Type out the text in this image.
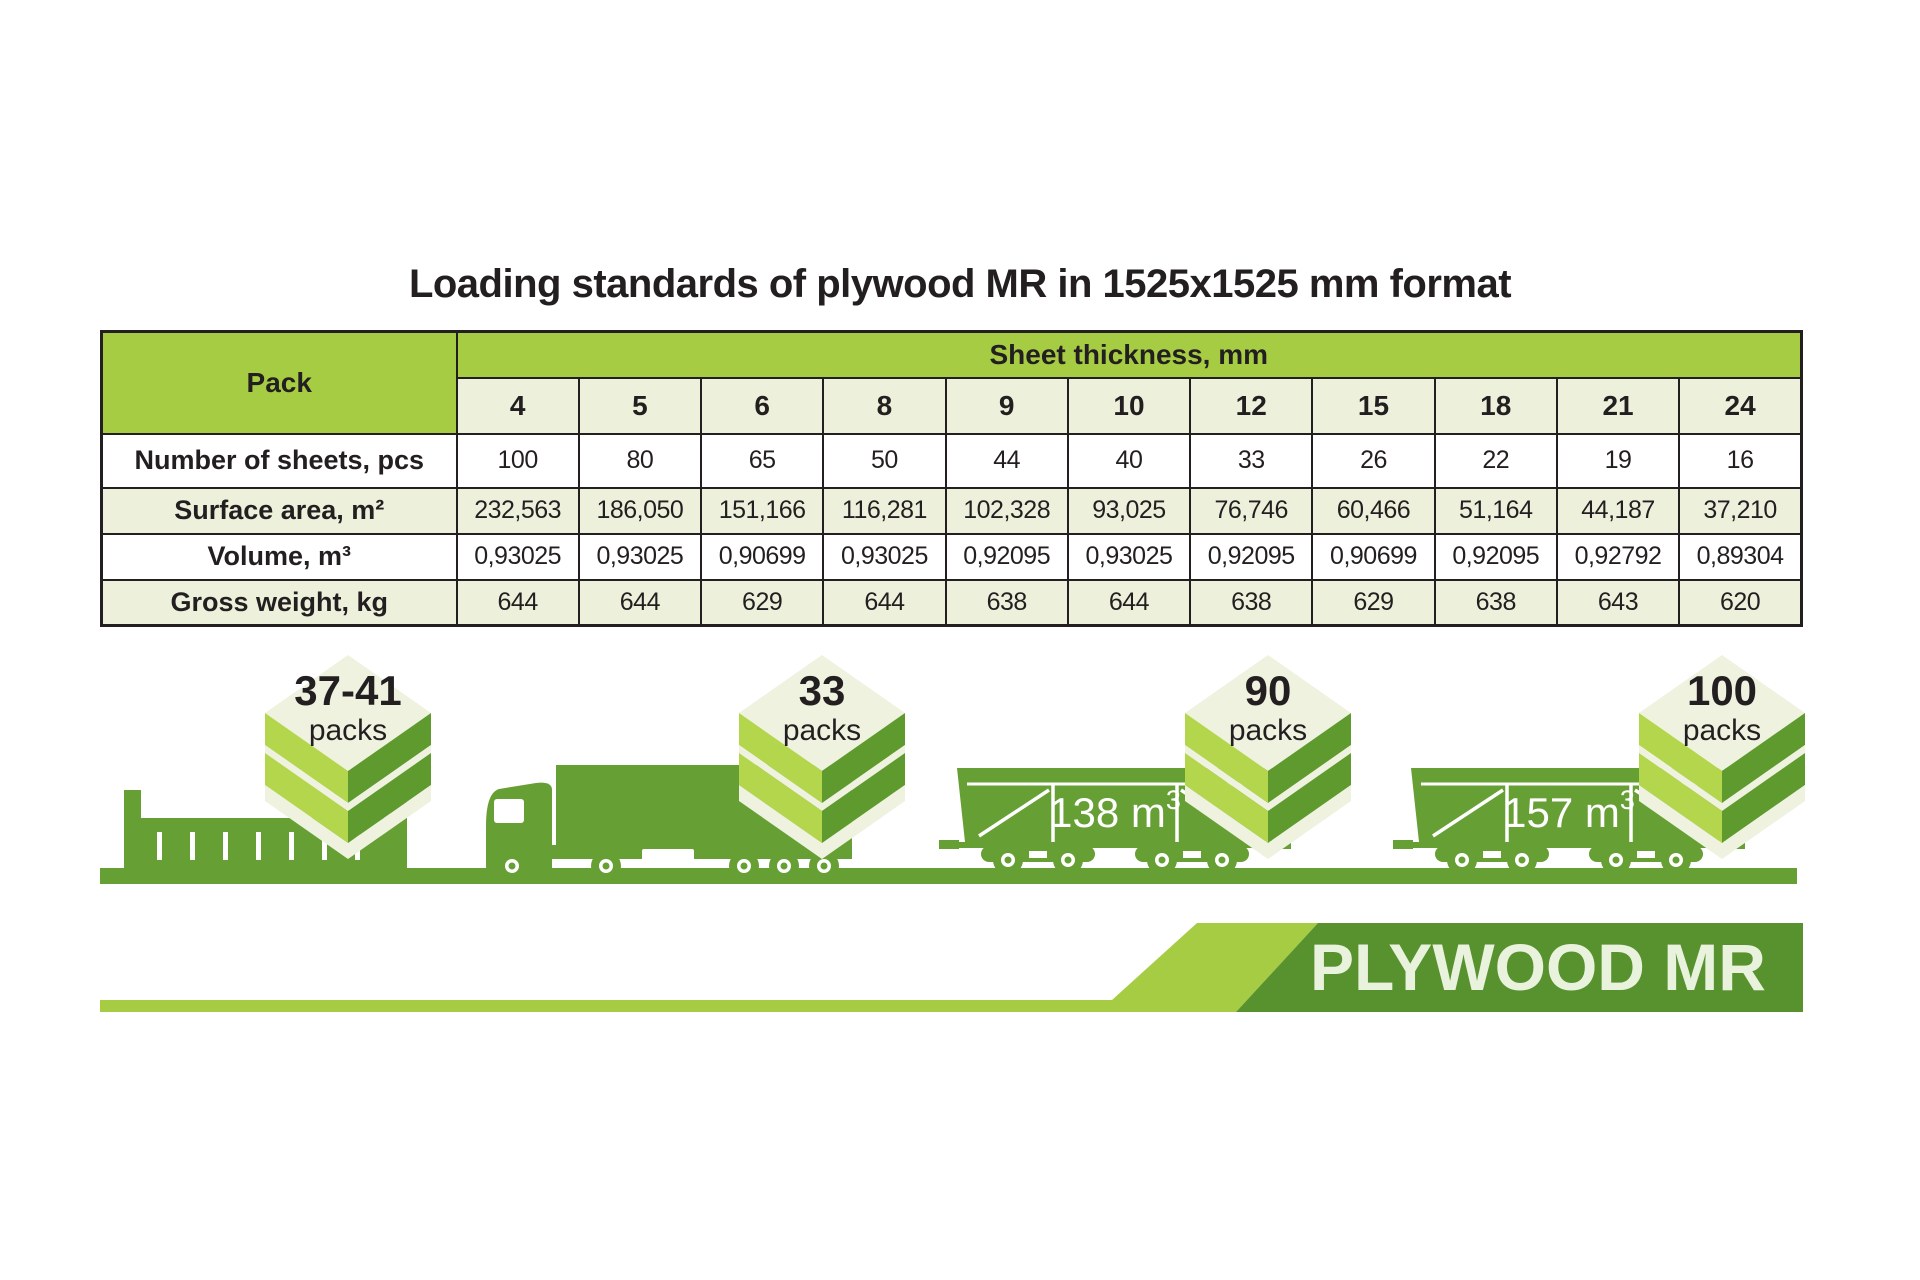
Loading standards of plywood MR in 1525x1525 mm format
Pack	Sheet thickness, mm										
	4	5	6	8	9	10	12	15	18	21	24
Number of sheets, pcs	100	80	65	50	44	40	33	26	22	19	16
Surface area, m²	232,563	186,050	151,166	116,281	102,328	93,025	76,746	60,466	51,164	44,187	37,210
Volume, m³	0,93025	0,93025	0,90699	0,93025	0,92095	0,93025	0,92095	0,90699	0,92095	0,92792	0,89304
Gross weight, kg	644	644	629	644	638	644	638	629	638	643	620
138 $m^3$	157 $m^3$
37-41
packs
33
packs
90
packs
100
packs
PLYWOOD MR
